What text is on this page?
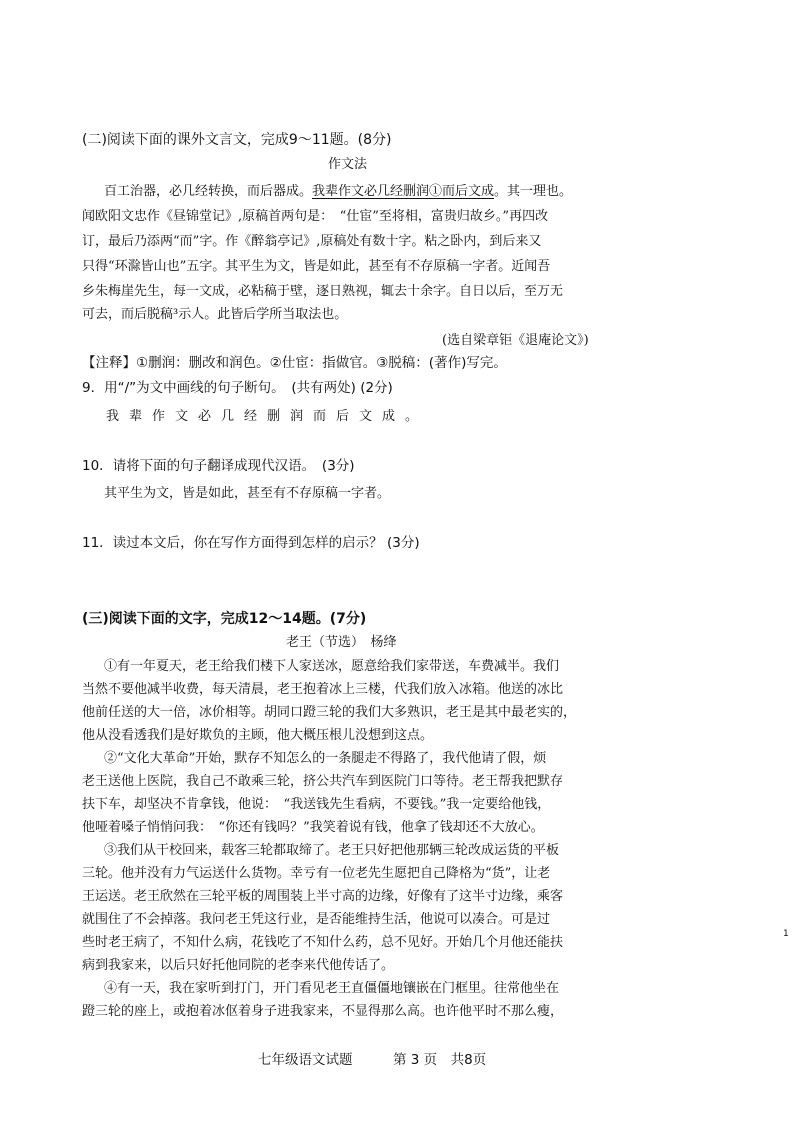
(二)阅读下面的课外文言文，完成9～11题。(8分)
作文法
百工治器，必几经转换，而后器成。我辈作文必几经删润①而后文成。其一理也。
闻欧阳文忠作《昼锦堂记》,原稿首两句是：　“仕宦”至将相，富贵归故乡。”再四改
订，最后乃添两“而”字。作《醉翁亭记》,原稿处有数十字。粘之卧内，到后来又
只得“环滁皆山也”五字。其平生为文，皆是如此，甚至有不存原稿一字者。近闻吾
乡朱梅崖先生，每一文成，必粘稿于壁，逐日熟视，辄去十余字。自日以后，至万无
可去，而后脱稿³示人。此皆后学所当取法也。
(选自梁章钜《退庵论文》)
【注释】①删润：删改和润色。②仕宦：指做官。③脱稿：(著作)写完。
9．用“/”为文中画线的句子断句。　(共有两处) (2分)
我辈作文必几经删润而后文成。
10．请将下面的句子翻译成现代汉语。　(3分)
其平生为文，皆是如此，甚至有不存原稿一字者。
11．读过本文后，你在写作方面得到怎样的启示？ (3分)
(三)阅读下面的文字，完成12～14题。(7分)
老王（节选）　杨绛
①有一年夏天，老王给我们楼下人家送冰，愿意给我们家带送，车费减半。我们
当然不要他减半收费，每天清晨，老王抱着冰上三楼，代我们放入冰箱。他送的冰比
他前任送的大一倍，冰价相等。胡同口蹬三轮的我们大多熟识，老王是其中最老实的，
他从没看透我们是好欺负的主顾，他大概压根儿没想到这点。
②“文化大革命”开始，默存不知怎么的一条腿走不得路了，我代他请了假，烦
老王送他上医院，我自己不敢乘三轮，挤公共汽车到医院门口等待。老王帮我把默存
扶下车，却坚决不肯拿钱，他说：　“我送钱先生看病，不要钱。”我一定要给他钱，
他哑着嗓子悄悄问我：　“你还有钱吗？”我笑着说有钱，他拿了钱却还不大放心。
③我们从干校回来，载客三轮都取缔了。老王只好把他那辆三轮改成运货的平板
三轮。他并没有力气运送什么货物。幸亏有一位老先生愿把自己降格为“货”，让老
王运送。老王欣然在三轮平板的周围装上半寸高的边缘，好像有了这半寸边缘，乘客
就围住了不会掉落。我问老王凭这行业，是否能维持生活，他说可以凑合。可是过
些时老王病了，不知什么病，花钱吃了不知什么药，总不见好。开始几个月他还能扶
病到我家来，以后只好托他同院的老李来代他传话了。
④有一天，我在家听到打门，开门看见老王直僵僵地镶嵌在门框里。往常他坐在
蹬三轮的座上，或抱着冰伛着身子进我家来，不显得那么高。也许他平时不那么瘦，
1
七年级语文试题　　　第 3 页　共8页
